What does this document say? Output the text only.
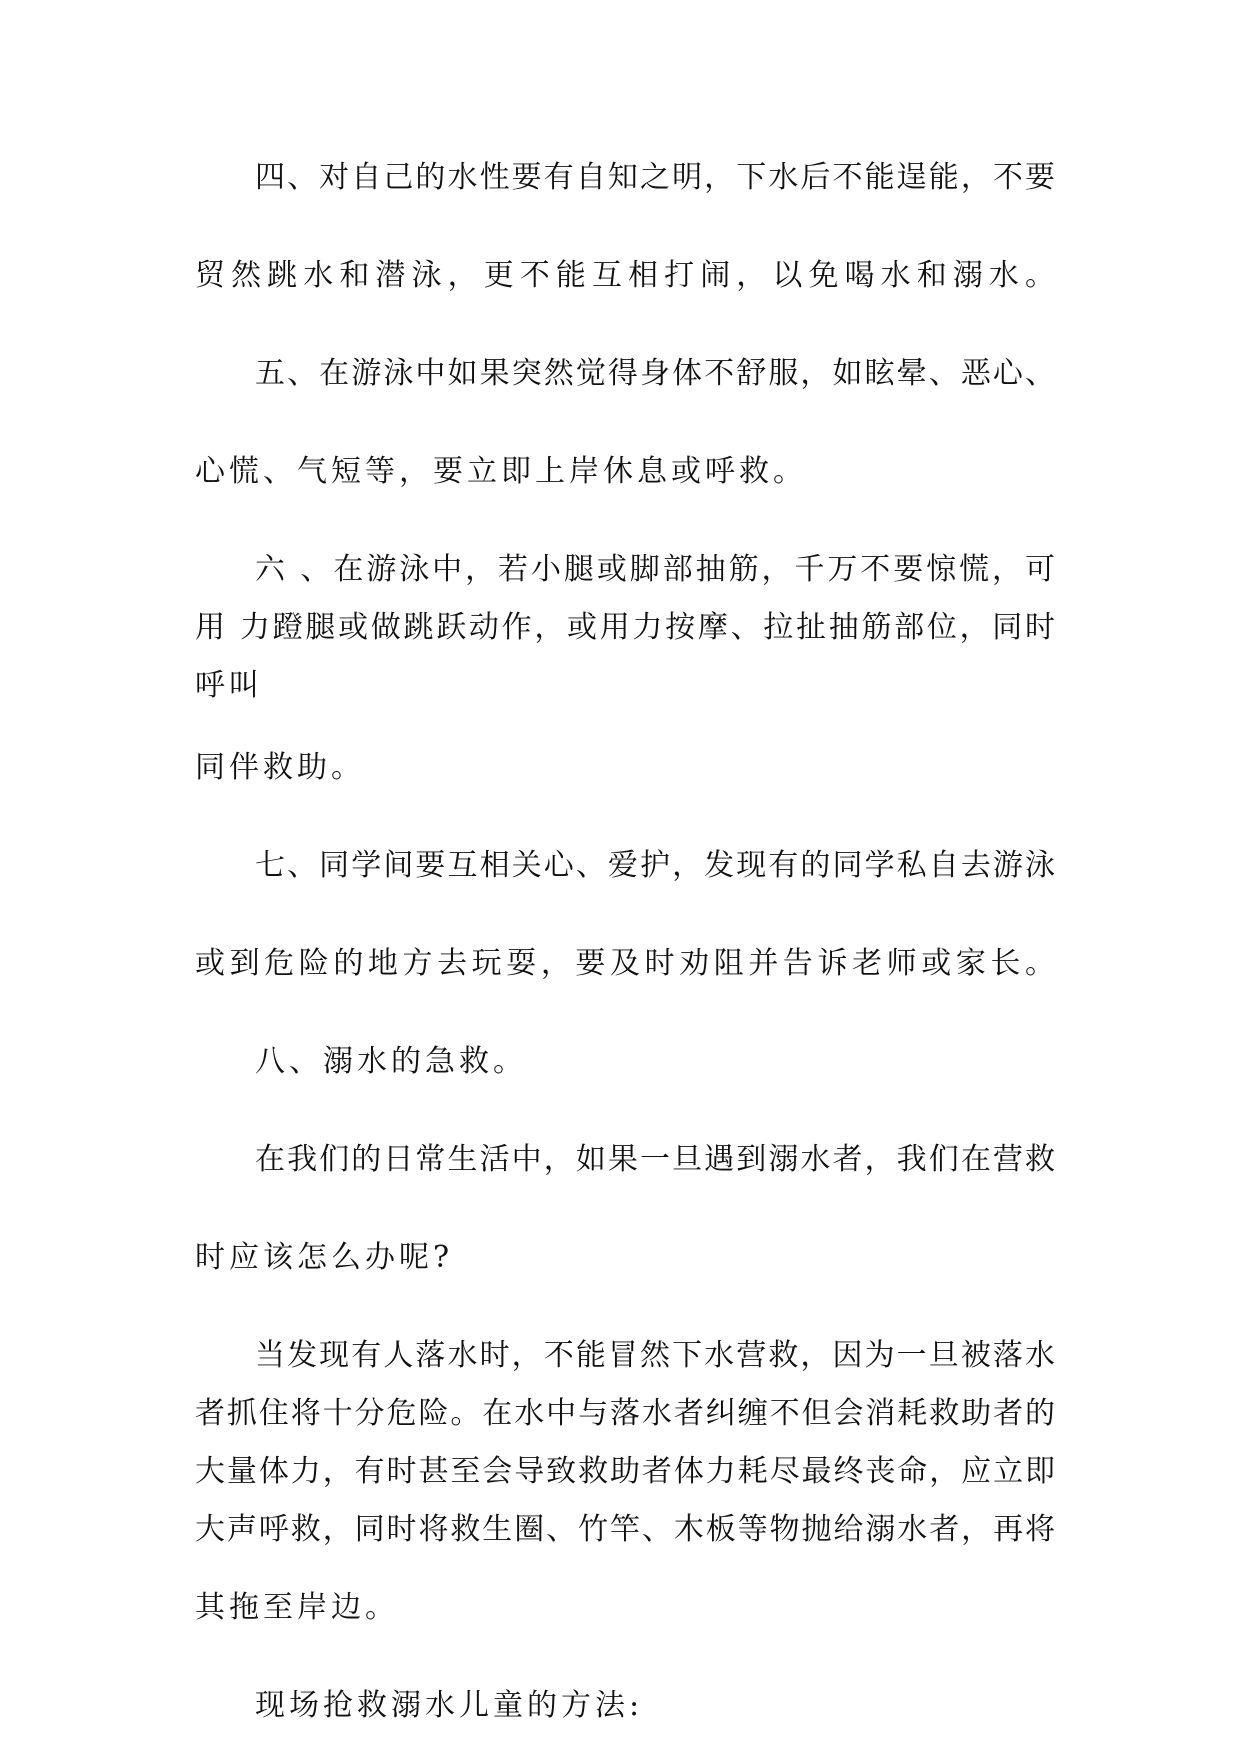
四、对自己的水性要有自知之明，下水后不能逞能，不要
贸然跳水和潜泳，更不能互相打闹，以免喝水和溺水。
五、在游泳中如果突然觉得身体不舒服，如眩晕、恶心、
心慌、气短等，要立即上岸休息或呼救。
六 、在游泳中，若小腿或脚部抽筋，千万不要惊慌，可
用 力蹬腿或做跳跃动作，或用力按摩、拉扯抽筋部位，同时
呼叫
同伴救助。
七、同学间要互相关心、爱护，发现有的同学私自去游泳
或到危险的地方去玩耍，要及时劝阻并告诉老师或家长。
八、溺水的急救。
在我们的日常生活中，如果一旦遇到溺水者，我们在营救
时应该怎么办呢?
当发现有人落水时，不能冒然下水营救，因为一旦被落水
者抓住将十分危险。在水中与落水者纠缠不但会消耗救助者的
大量体力，有时甚至会导致救助者体力耗尽最终丧命，应立即
大声呼救，同时将救生圈、竹竿、木板等物抛给溺水者，再将
其拖至岸边。
现场抢救溺水儿童的方法:
